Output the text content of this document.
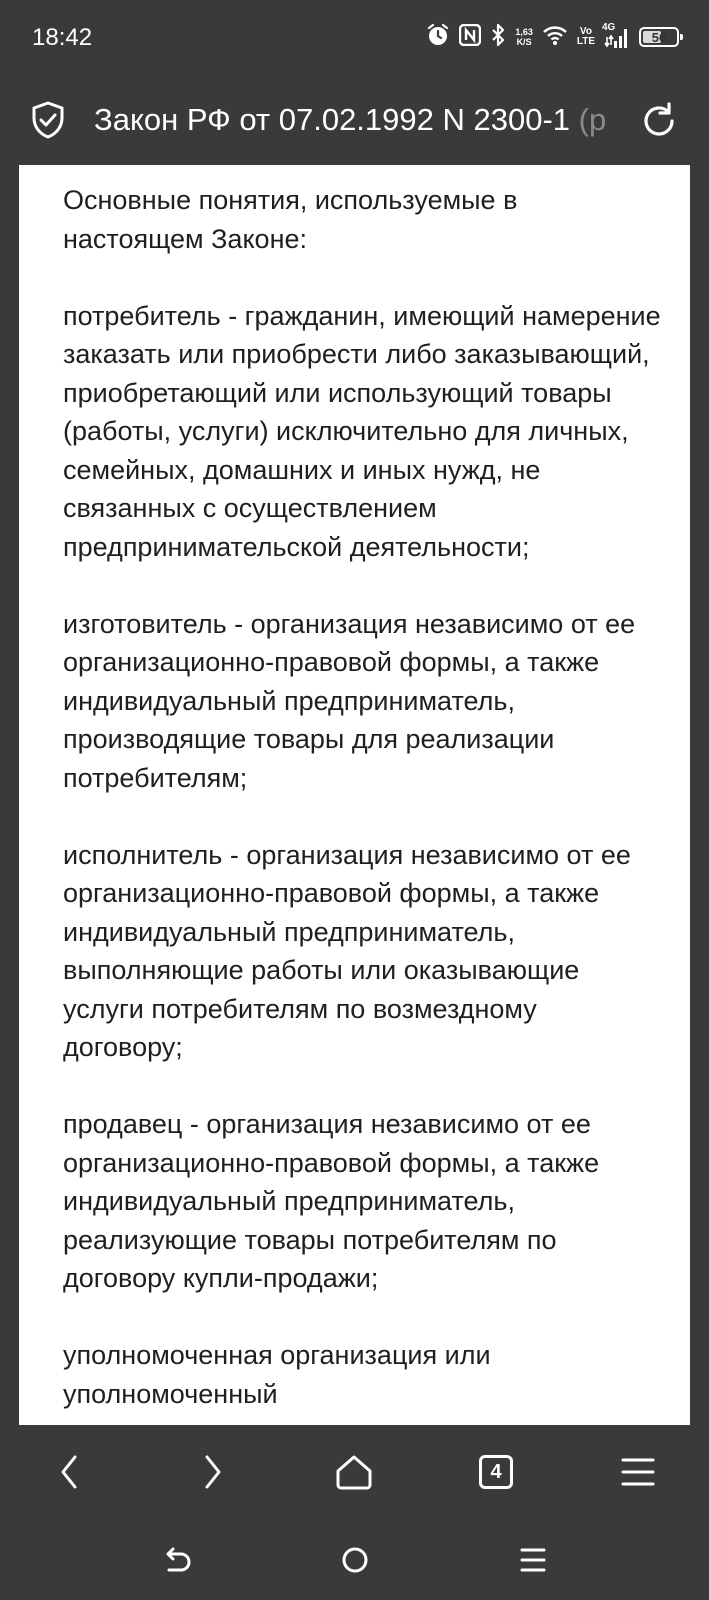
18:42	1,63
K/S
Vo
LTE
4G
56
Закон РФ от 07.02.1992 N 2300-1 (р

Основные понятия, используемые в настоящем Законе:

потребитель - гражданин, имеющий намерение заказать или приобрести либо заказывающий, приобретающий или использующий товары (работы, услуги) исключительно для личных, семейных, домашних и иных нужд, не связанных с осуществлением предпринимательской деятельности;

изготовитель - организация независимо от ее организационно-правовой формы, а также индивидуальный предприниматель, производящие товары для реализации потребителям;

исполнитель - организация независимо от ее организационно-правовой формы, а также индивидуальный предприниматель, выполняющие работы или оказывающие услуги потребителям по возмездному договору;

продавец - организация независимо от ее организационно-правовой формы, а также индивидуальный предприниматель, реализующие товары потребителям по договору купли-продажи;

уполномоченная организация или уполномоченный

4
